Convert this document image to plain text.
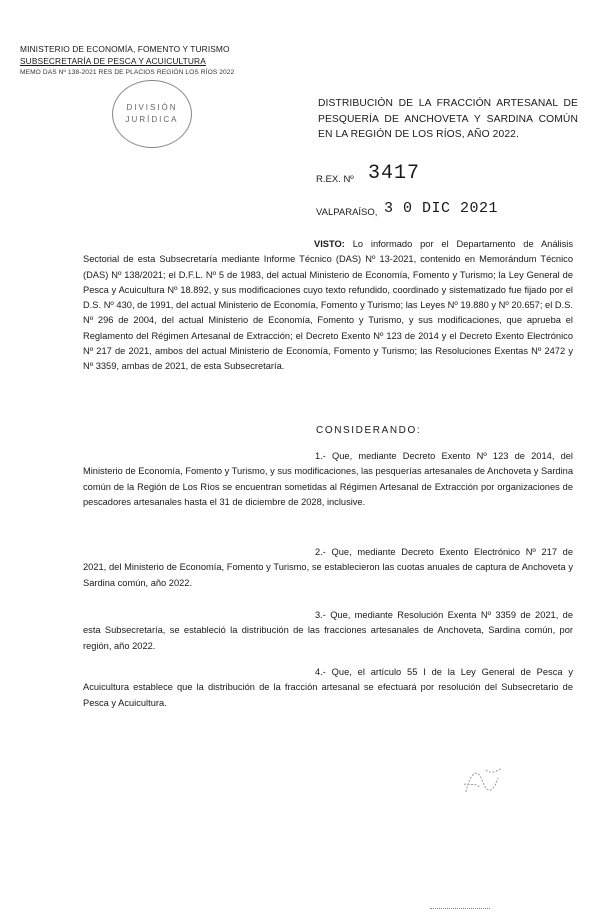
MINISTERIO DE ECONOMÍA, FOMENTO Y TURISMO
SUBSECRETARÍA DE PESCA Y ACUICULTURA
MEMO DAS Nº 138-2021 RES DE PLACIOS REGIÓN LOS RÍOS 2022
DIVISIÓN
JURÍDICA
DISTRIBUCIÓN DE LA FRACCIÓN ARTESANAL DE PESQUERÍA DE ANCHOVETA Y SARDINA COMÚN EN LA REGIÓN DE LOS RÍOS, AÑO 2022.
R.EX. Nº 3417
VALPARAÍSO, 3 0 DIC 2021
VISTO: Lo informado por el Departamento de Análisis Sectorial de esta Subsecretaría mediante Informe Técnico (DAS) Nº 13-2021, contenido en Memorándum Técnico (DAS) Nº 138/2021; el D.F.L. Nº 5 de 1983, del actual Ministerio de Economía, Fomento y Turismo; la Ley General de Pesca y Acuicultura Nº 18.892, y sus modificaciones cuyo texto refundido, coordinado y sistematizado fue fijado por el D.S. Nº 430, de 1991, del actual Ministerio de Economía, Fomento y Turismo; las Leyes Nº 19.880 y Nº 20.657; el D.S. Nº 296 de 2004, del actual Ministerio de Economía, Fomento y Turismo, y sus modificaciones, que aprueba el Reglamento del Régimen Artesanal de Extracción; el Decreto Exento Nº 123 de 2014 y el Decreto Exento Electrónico Nº 217 de 2021, ambos del actual Ministerio de Economía, Fomento y Turismo; las Resoluciones Exentas Nº 2472 y Nº 3359, ambas de 2021, de esta Subsecretaría.
CONSIDERANDO:
1.- Que, mediante Decreto Exento Nº 123 de 2014, del Ministerio de Economía, Fomento y Turismo, y sus modificaciones, las pesquerías artesanales de Anchoveta y Sardina común de la Región de Los Ríos se encuentran sometidas al Régimen Artesanal de Extracción por organizaciones de pescadores artesanales hasta el 31 de diciembre de 2028, inclusive.
2.- Que, mediante Decreto Exento Electrónico Nº 217 de 2021, del Ministerio de Economía, Fomento y Turismo, se establecieron las cuotas anuales de captura de Anchoveta y Sardina común, año 2022.
3.- Que, mediante Resolución Exenta Nº 3359 de 2021, de esta Subsecretaría, se estableció la distribución de las fracciones artesanales de Anchoveta, Sardina común, por región, año 2022.
4.- Que, el artículo 55 I de la Ley General de Pesca y Acuicultura establece que la distribución de la fracción artesanal se efectuará por resolución del Subsecretario de Pesca y Acuicultura.
